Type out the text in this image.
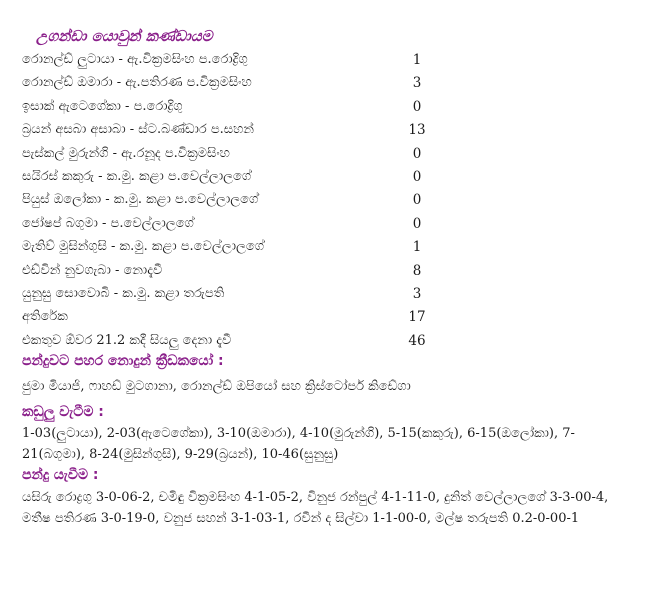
උගන්ඩා යොවුන් කණ්ඩායම
රොනල්ඩ් ලුටායා - ඇ.වික්‍රමසිංහ ප.රොද්‍රිගු	1
රොනල්ඩ් ඔමාරා - ඇ.පතිරණ ප.වික්‍රමසිංහ	3
ඉසාක් ඇටෙගේකා - ප.රොද්‍රිගු	0
බ්‍රයන් අසබා අසාබා - ස්ට.බණ්ඩාර ප.සහන්	13
පැස්කල් මුරුන්ගි - ඇ.රනූද ප.වික්‍රමසිංහ	0
සයිරස් කකුරු - ක.මු. කළා ප.වෙල්ලාලගේ	0
පියුස් ඔලෝකා - ක.මු. කළා ප.වෙල්ලාලගේ	0
ජෝෂප් බගුමා - ප.වෙල්ලාලගේ	0
මැතිව් මුසින්ගුසි - ක.මු. කළා ප.වෙල්ලාලගේ	1
එඩ්වින් නුවගැබා - නොදැවී	8
යුනුසු සොවොබි - ක.මු. කළා තරුපති	3
අතිරේක	17
එකතුව ඕවර 21.2 කදී සියලු දෙනා දැවී	46
පන්දුවට පහර නොදුන් ක්‍රීඩකයෝ :

ජුමා මියාජි, ෆාහඩ් මුටගානා, රොනල්ඩ් ඔපියෝ සහ ක්‍රිස්ටෝපර් කිඩේගා

කඩුලු වැටීම :

1-03(ලුටායා), 2-03(ඇටෙගේකා), 3-10(ඔමාරා), 4-10(මුරුන්ගි), 5-15(කකුරු), 6-15(ඔලෝකා), 7-21(බගුමා), 8-24(මුසින්ගුසි), 9-29(බ්‍රයන්), 10-46(සුනුසු)

පන්දු යැවීම :

යසිරු රොද්‍රගු 3-0-06-2, චමිඳු වික්‍රමසිංහ 4-1-05-2, විනුජ රන්පුල් 4-1-11-0, දුනිත් වෙල්ලාලගේ 3-3-00-4, මතීෂ පතිරණ 3-0-19-0, වනුජ සහන් 3-1-03-1, රවීන් ද සිල්වා 1-1-00-0, මල්ෂ තරුපති 0.2-0-00-1
